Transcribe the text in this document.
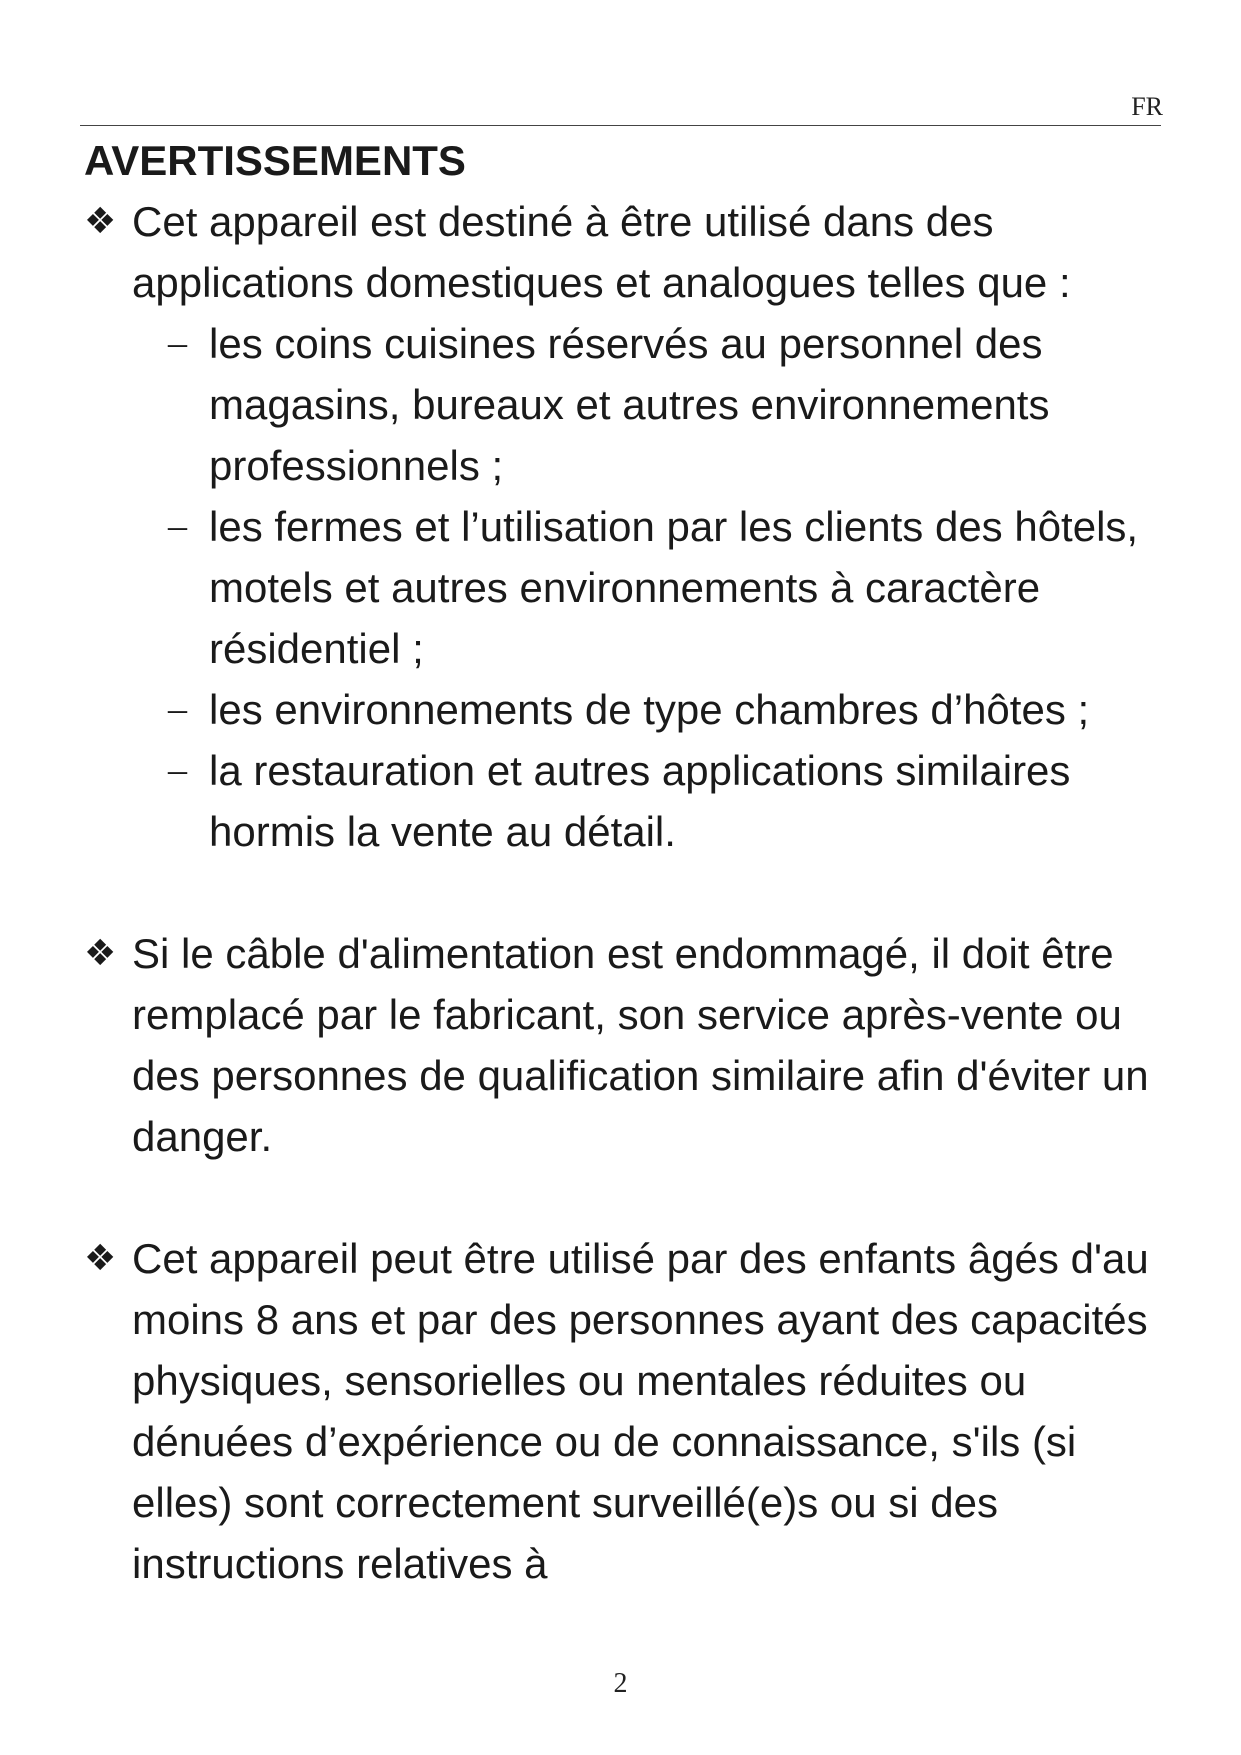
FR
AVERTISSEMENTS
❖ Cet appareil est destiné à être utilisé dans des
applications domestiques et analogues telles que :
– les coins cuisines réservés au personnel des magasins, bureaux et autres environnements professionnels ;
– les fermes et l’utilisation par les clients des hôtels, motels et autres environnements à caractère résidentiel ;
– les environnements de type chambres d’hôtes ;
– la restauration et autres applications similaires hormis la vente au détail.
❖ Si le câble d'alimentation est endommagé, il doit être remplacé par le fabricant, son service après-vente ou des personnes de qualification similaire afin d'éviter un danger.
❖ Cet appareil peut être utilisé par des enfants âgés d'au moins 8 ans et par des personnes ayant des capacités physiques, sensorielles ou mentales réduites ou dénuées d’expérience ou de connaissance, s'ils (si elles) sont correctement surveillé(e)s ou si des instructions relatives à
2
